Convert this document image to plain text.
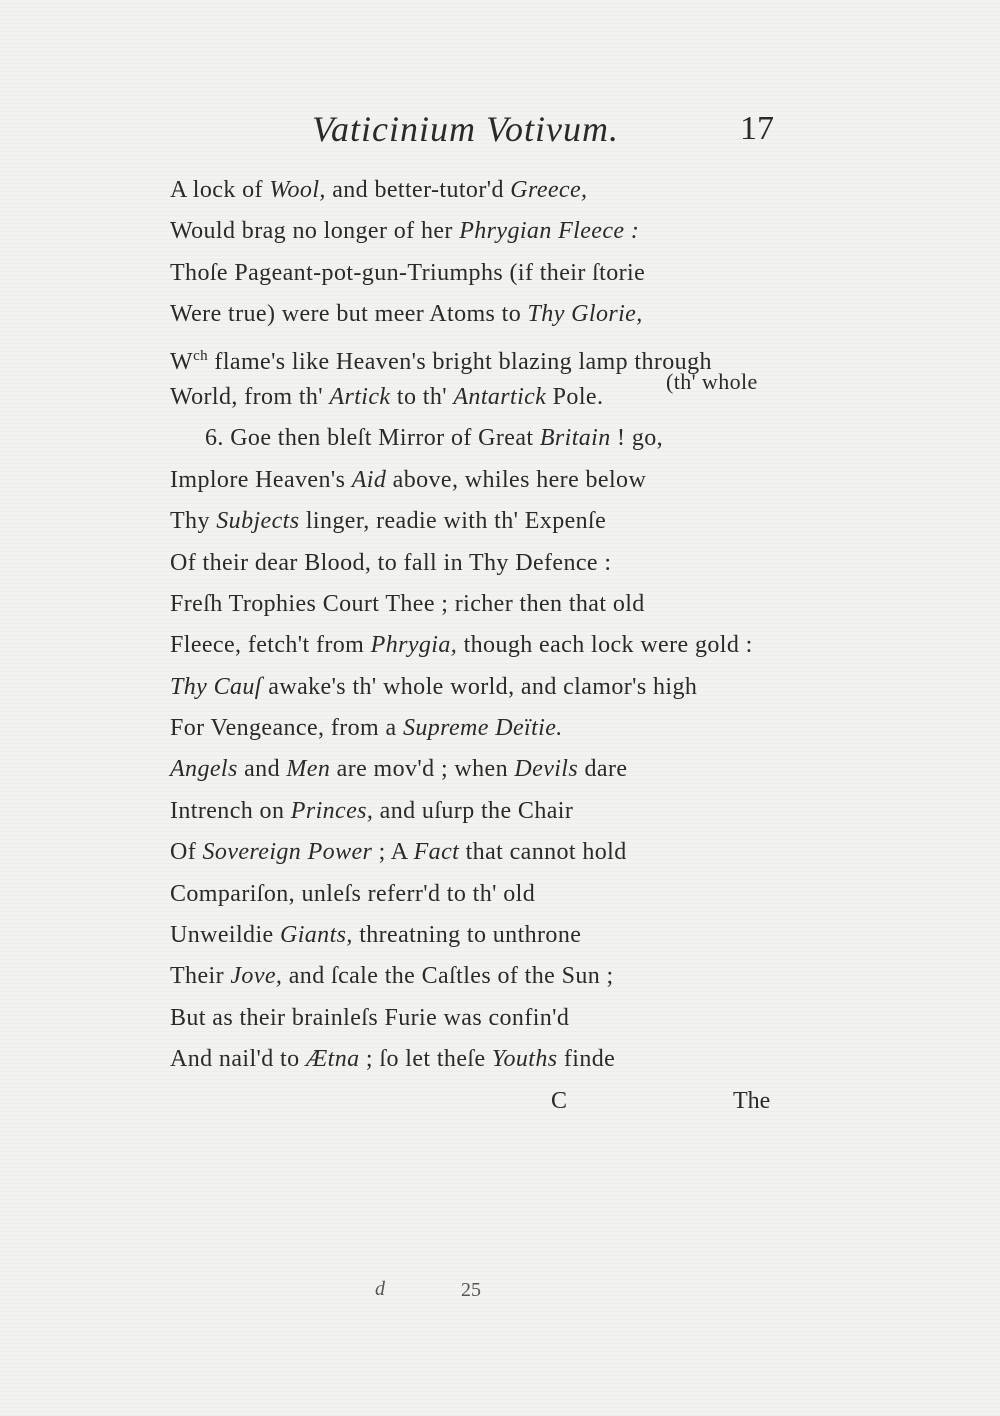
Vaticinium Votivum.	17
A lock of Wool, and better-tutor'd Greece,
Would brag no longer of her Phrygian Fleece :
Thoſe Pageant-pot-gun-Triumphs (if their ſtorie
Were true) were but meer Atoms to Thy Glorie,
$W^{ch}$ flame's like Heaven's bright blazing lamp through
World, from th' Artick to th' Antartick Pole.
(th' whole
6. Goe then bleſt Mirror of Great Britain ! go,
Implore Heaven's Aid above, whiles here below
Thy Subjects linger, readie with th' Expenſe
Of their dear Blood, to fall in Thy Defence :
Freſh Trophies Court Thee ; richer then that old
Fleece, fetch't from Phrygia, though each lock were gold :
Thy Cauſ awake's th' whole world, and clamor's high
For Vengeance, from a Supreme Deïtie.
Angels and Men are mov'd ; when Devils dare
Intrench on Princes, and uſurp the Chair
Of Sovereign Power ; A Fact that cannot hold
Compariſon, unleſs referr'd to th' old
Unweildie Giants, threatning to unthrone
Their Jove, and ſcale the Caſtles of the Sun ;
But as their brainleſs Furie was confin'd
And nail'd to Ætna ; ſo let theſe Youths finde
C	The
d	25
